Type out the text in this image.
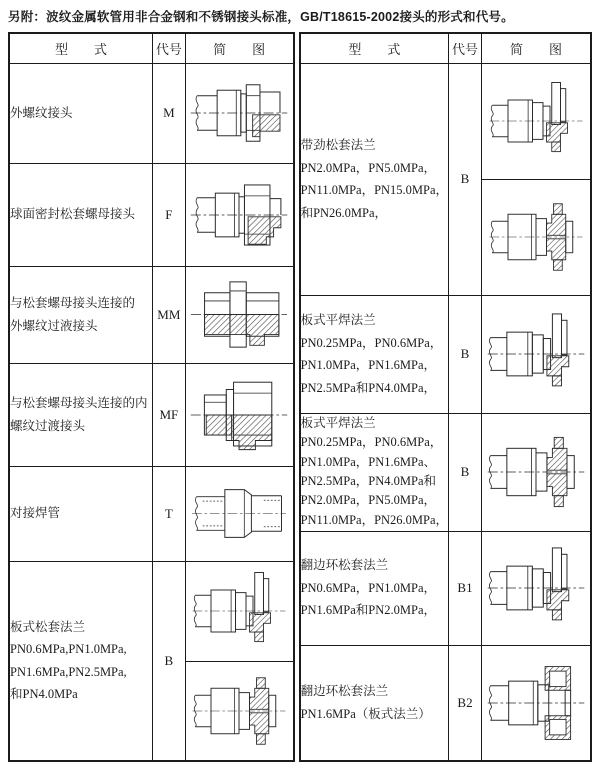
另附：波纹金属软管用非合金钢和不锈钢接头标准，GB/T18615-2002接头的形式和代号。
型　　式	代号	简　　图

外螺纹接头	M	

球面密封松套螺母接头	F	

与松套螺母接头连接的
外螺纹过液接头	MM	

与松套螺母接头连接的内
螺纹过渡接头	MF	

对接焊管	T	

板式松套法兰
PN0.6MPa,PN1.0MPa,
PN1.6MPa,PN2.5MPa,
和PN4.0MPa	B	

型　　式	代号	简　　图

带劲松套法兰
PN2.0MPa，PN5.0MPa，
PN11.0MPa，PN15.0MPa，
和PN26.0MPa，	B	

板式平焊法兰
PN0.25MPa，PN0.6MPa，
PN1.0MPa，PN1.6MPa，
PN2.5MPa和PN4.0MPa，	B	

板式平焊法兰
PN0.25MPa，PN0.6MPa，
PN1.0MPa，PN1.6MPa、
PN2.5MPa，PN4.0MPa和
PN2.0MPa，PN5.0MPa，
PN11.0MPa，PN26.0MPa，
	B	

翻边环松套法兰
PN0.6MPa，PN1.0MPa，
PN1.6MPa和PN2.0MPa，	B1	

翻边环松套法兰
PN1.6MPa（板式法兰）	B2	
